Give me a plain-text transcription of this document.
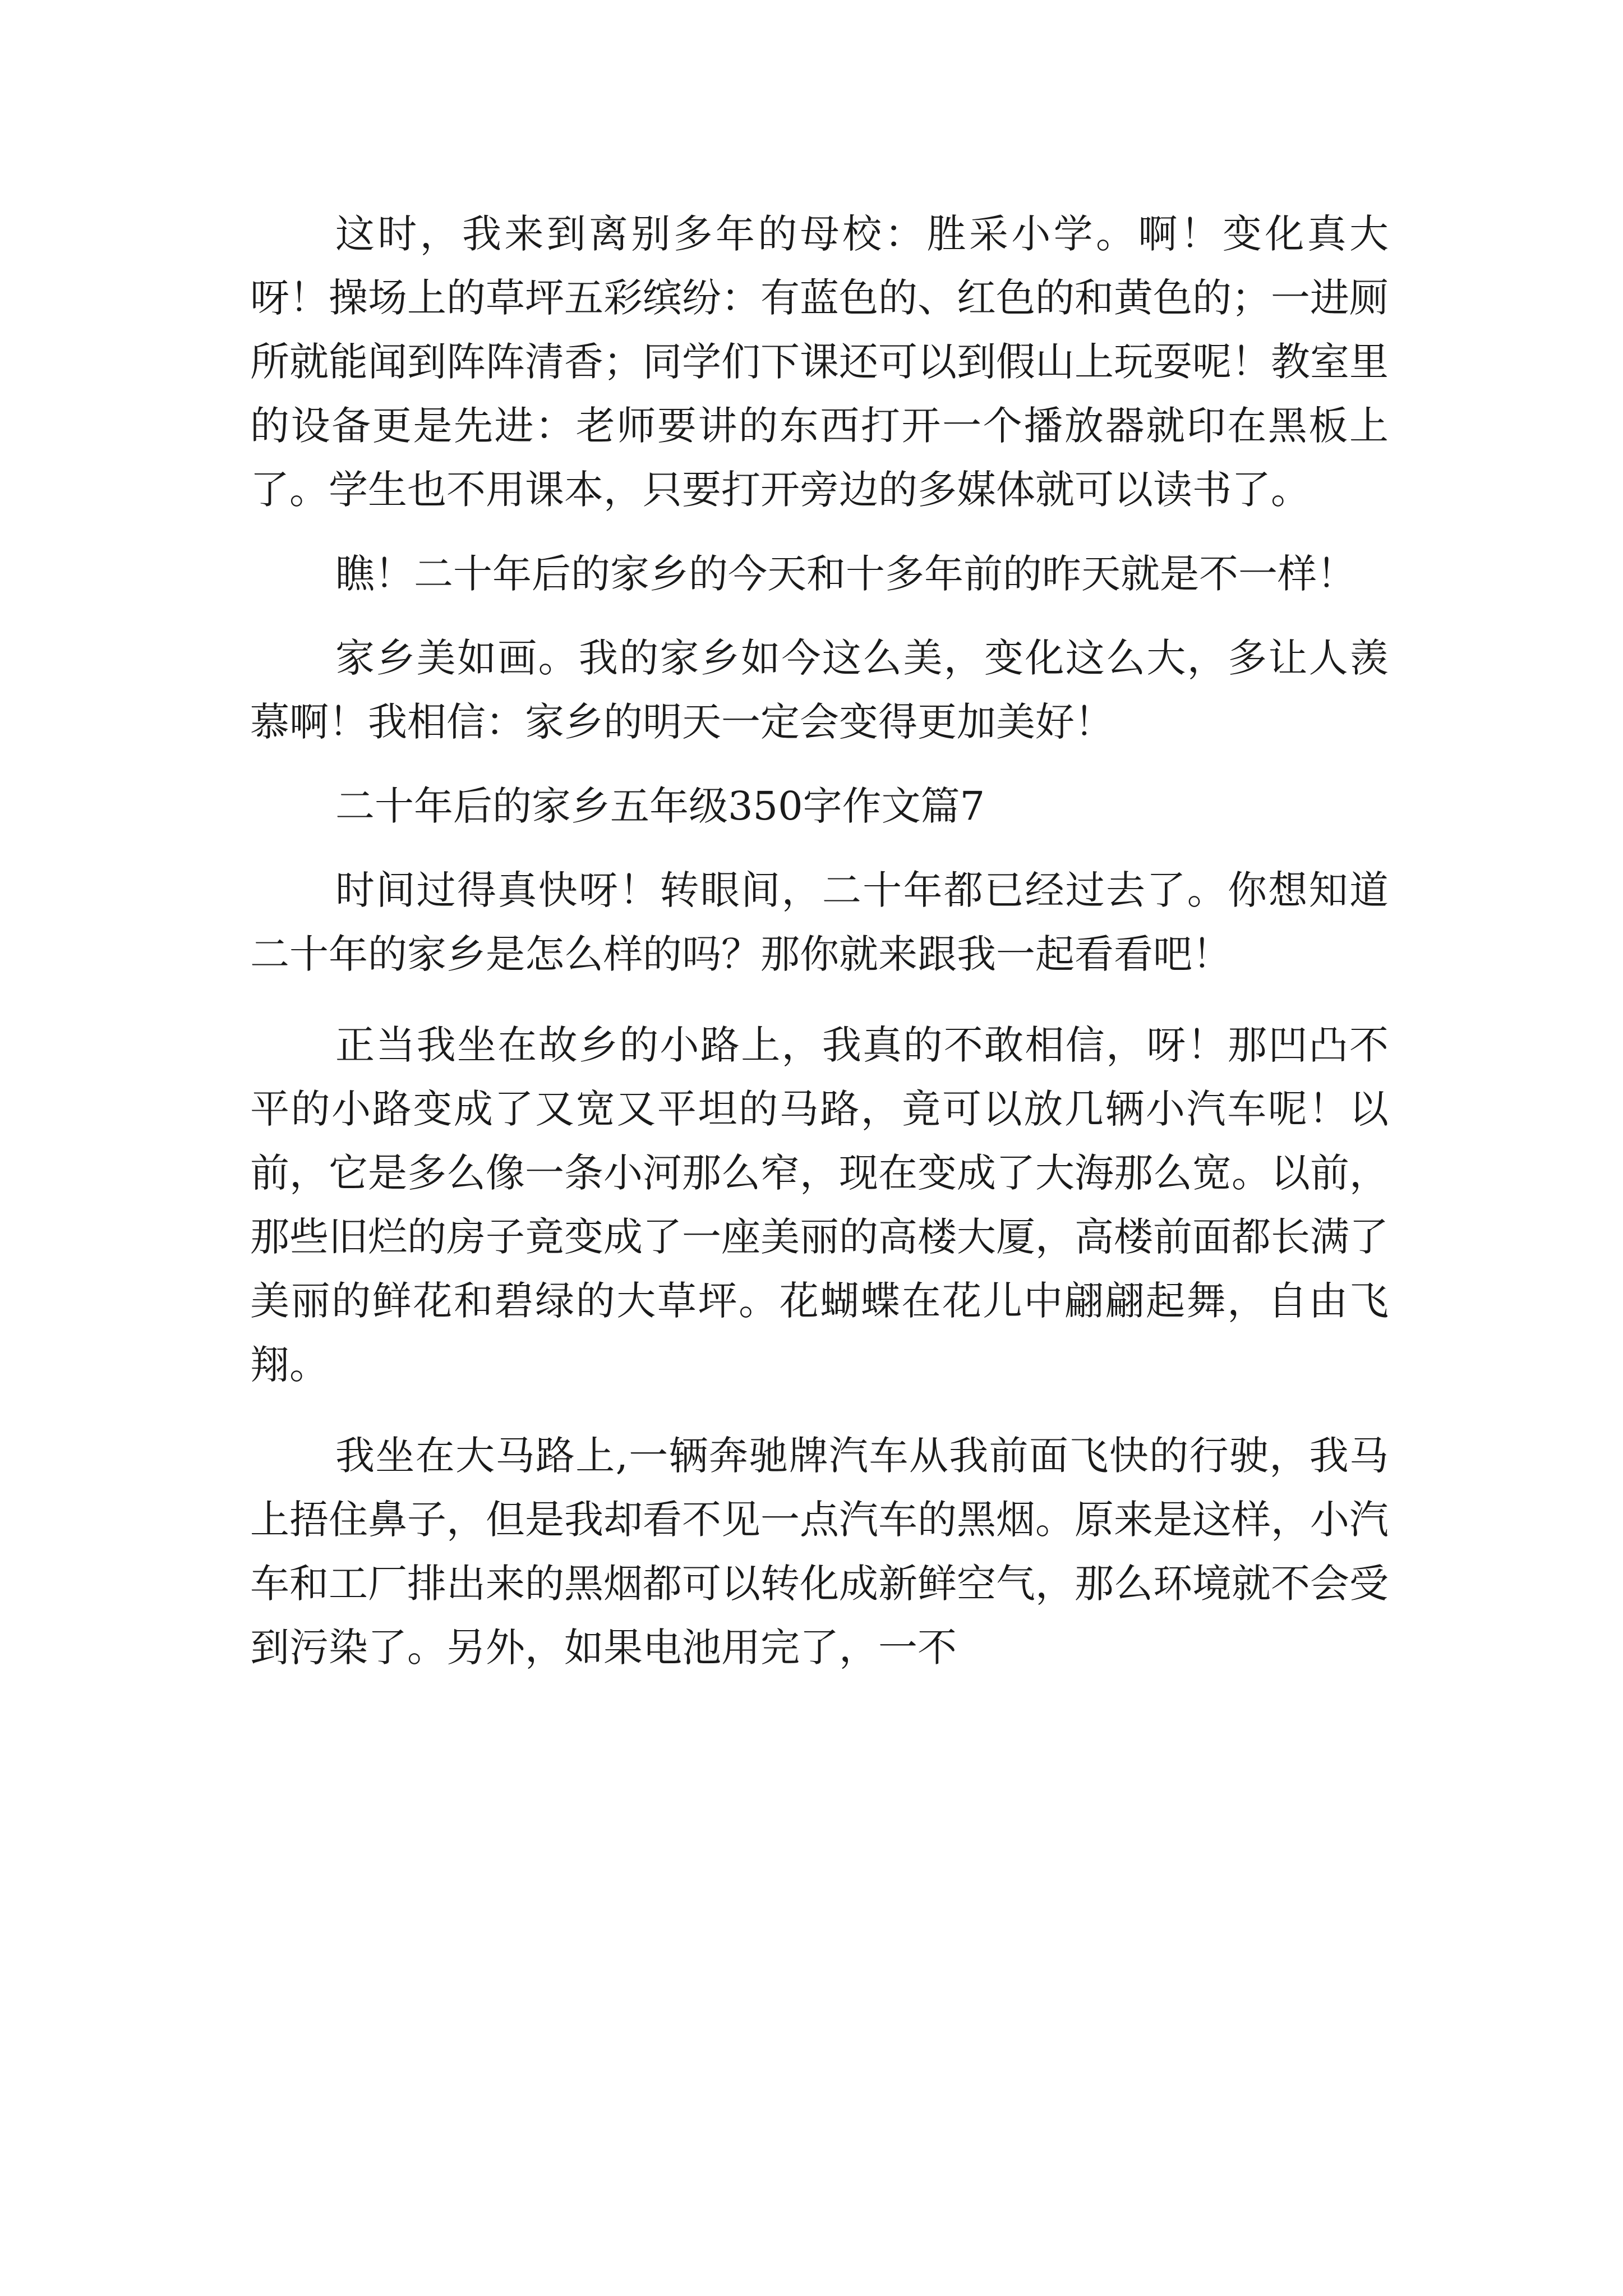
这时，我来到离别多年的母校：胜采小学。啊！变化真大呀！操场上的草坪五彩缤纷：有蓝色的、红色的和黄色的；一进厕所就能闻到阵阵清香；同学们下课还可以到假山上玩耍呢！教室里的设备更是先进：老师要讲的东西打开一个播放器就印在黑板上了。学生也不用课本，只要打开旁边的多媒体就可以读书了。

瞧！二十年后的家乡的今天和十多年前的昨天就是不一样！

家乡美如画。我的家乡如今这么美，变化这么大，多让人羡慕啊！我相信：家乡的明天一定会变得更加美好！

二十年后的家乡五年级350字作文篇7

时间过得真快呀！转眼间，二十年都已经过去了。你想知道二十年的家乡是怎么样的吗？那你就来跟我一起看看吧！

正当我坐在故乡的小路上，我真的不敢相信，呀！那凹凸不平的小路变成了又宽又平坦的马路，竟可以放几辆小汽车呢！以前，它是多么像一条小河那么窄，现在变成了大海那么宽。以前，那些旧烂的房子竟变成了一座美丽的高楼大厦，高楼前面都长满了美丽的鲜花和碧绿的大草坪。花蝴蝶在花儿中翩翩起舞，自由飞翔。

我坐在大马路上,一辆奔驰牌汽车从我前面飞快的行驶，我马上捂住鼻子，但是我却看不见一点汽车的黑烟。原来是这样，小汽车和工厂排出来的黑烟都可以转化成新鲜空气，那么环境就不会受到污染了。另外，如果电池用完了，一不
